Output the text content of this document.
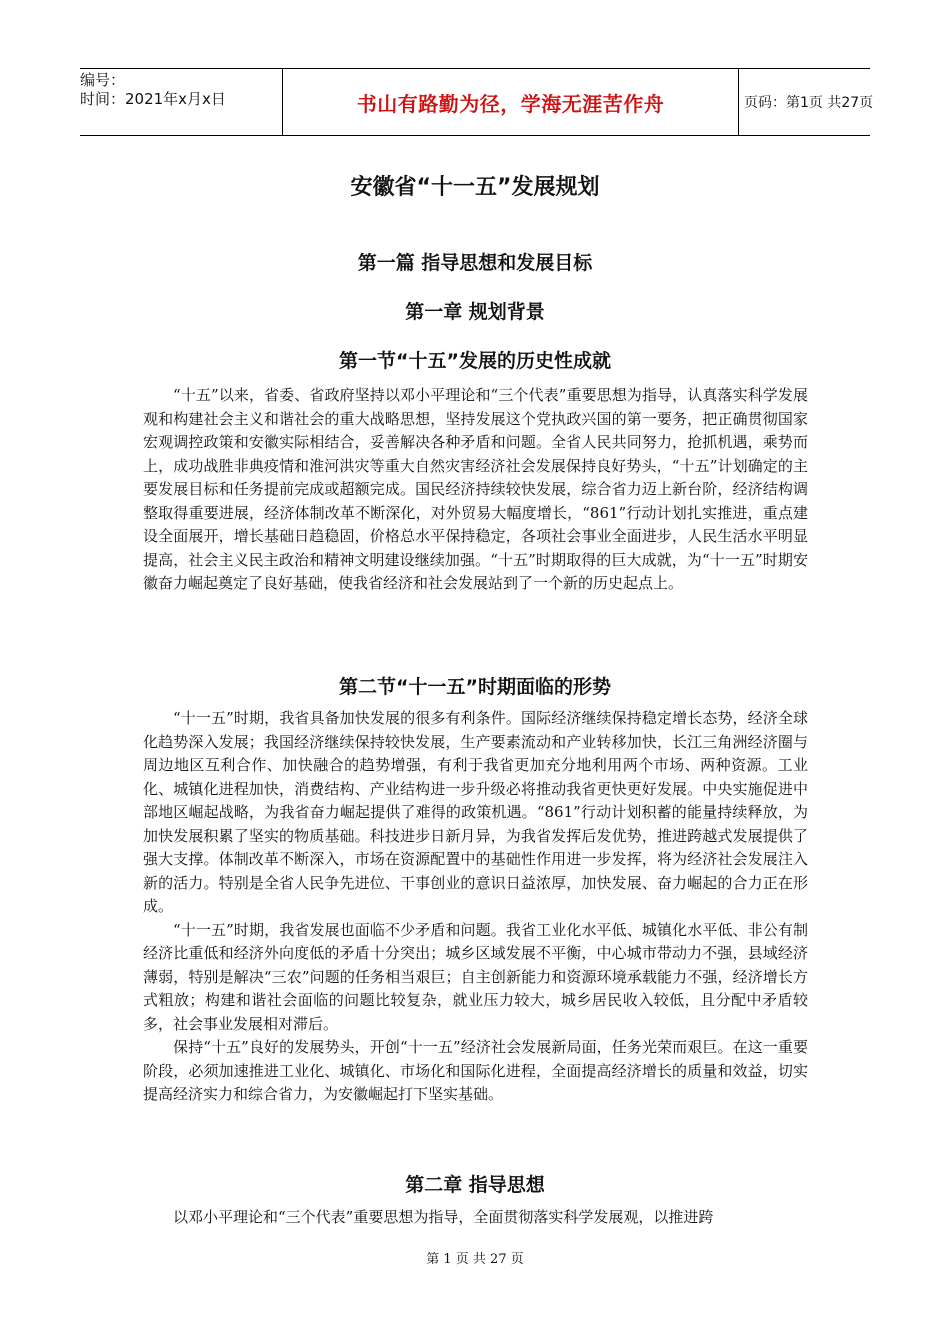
编号：
时间：2021年x月x日	书山有路勤为径，学海无涯苦作舟	页码：第1页 共27页
安徽省“十一五”发展规划
第一篇 指导思想和发展目标
第一章 规划背景
第一节“十五”发展的历史性成就

“十五”以来，省委、省政府坚持以邓小平理论和“三个代表”重要思想为指导，认真落实科学发展观和构建社会主义和谐社会的重大战略思想，坚持发展这个党执政兴国的第一要务，把正确贯彻国家宏观调控政策和安徽实际相结合，妥善解决各种矛盾和问题。全省人民共同努力，抢抓机遇，乘势而上，成功战胜非典疫情和淮河洪灾等重大自然灾害经济社会发展保持良好势头，“十五”计划确定的主要发展目标和任务提前完成或超额完成。国民经济持续较快发展，综合省力迈上新台阶，经济结构调整取得重要进展，经济体制改革不断深化，对外贸易大幅度增长，“861”行动计划扎实推进，重点建设全面展开，增长基础日趋稳固，价格总水平保持稳定，各项社会事业全面进步，人民生活水平明显提高，社会主义民主政治和精神文明建设继续加强。“十五”时期取得的巨大成就，为“十一五”时期安徽奋力崛起奠定了良好基础，使我省经济和社会发展站到了一个新的历史起点上。

第二节“十一五”时期面临的形势

“十一五”时期，我省具备加快发展的很多有利条件。国际经济继续保持稳定增长态势，经济全球化趋势深入发展；我国经济继续保持较快发展，生产要素流动和产业转移加快，长江三角洲经济圈与周边地区互利合作、加快融合的趋势增强，有利于我省更加充分地利用两个市场、两种资源。工业化、城镇化进程加快，消费结构、产业结构进一步升级必将推动我省更快更好发展。中央实施促进中部地区崛起战略，为我省奋力崛起提供了难得的政策机遇。“861”行动计划积蓄的能量持续释放，为加快发展积累了坚实的物质基础。科技进步日新月异，为我省发挥后发优势，推进跨越式发展提供了强大支撑。体制改革不断深入，市场在资源配置中的基础性作用进一步发挥，将为经济社会发展注入新的活力。特别是全省人民争先进位、干事创业的意识日益浓厚，加快发展、奋力崛起的合力正在形成。

“十一五”时期，我省发展也面临不少矛盾和问题。我省工业化水平低、城镇化水平低、非公有制经济比重低和经济外向度低的矛盾十分突出；城乡区域发展不平衡，中心城市带动力不强，县域经济薄弱，特别是解决“三农”问题的任务相当艰巨；自主创新能力和资源环境承载能力不强，经济增长方式粗放；构建和谐社会面临的问题比较复杂，就业压力较大，城乡居民收入较低，且分配中矛盾较多，社会事业发展相对滞后。

保持“十五”良好的发展势头，开创“十一五”经济社会发展新局面，任务光荣而艰巨。在这一重要阶段，必须加速推进工业化、城镇化、市场化和国际化进程，全面提高经济增长的质量和效益，切实提高经济实力和综合省力，为安徽崛起打下坚实基础。

第二章 指导思想

以邓小平理论和“三个代表”重要思想为指导，全面贯彻落实科学发展观，以推进跨

第 1 页 共 27 页
